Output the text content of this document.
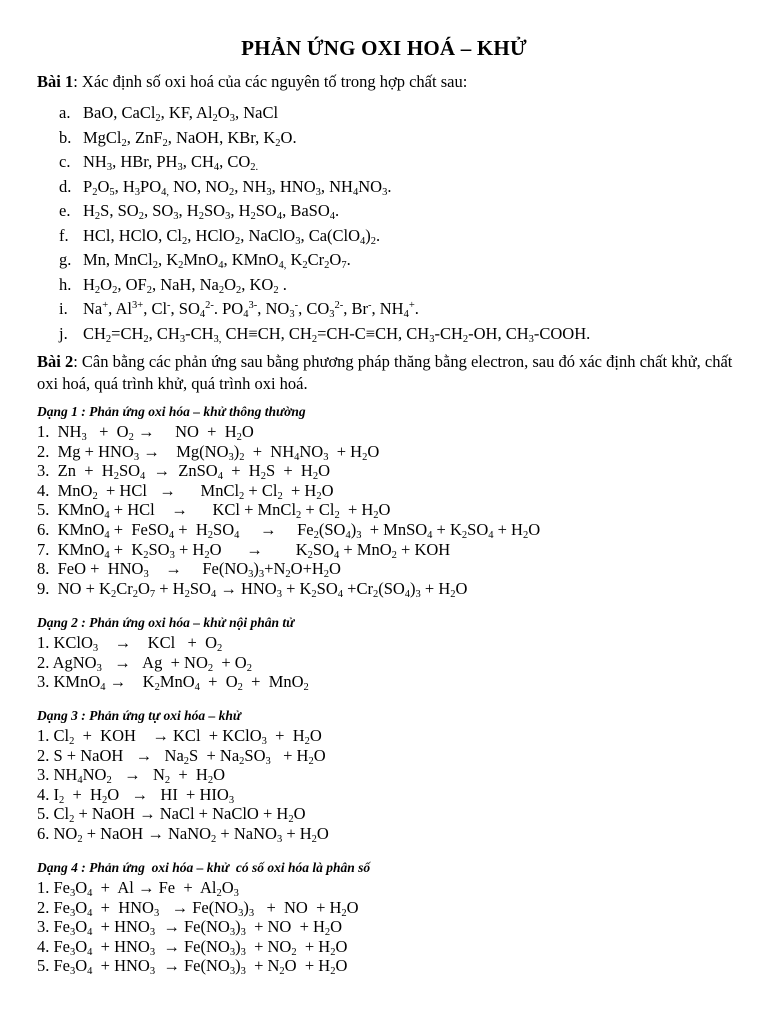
PHẢN ỨNG OXI HOÁ – KHỬ
Bài 1: Xác định số oxi hoá của các nguyên tố trong hợp chất sau:
a. BaO, CaCl$_2$, KF, $Al_2O_3$, NaCl
b. MgCl$_2$, ZnF$_2$, NaOH, KBr, $K_2O$.
c. $NH_3$, HBr, $PH_3$, $CH_4$, $CO_{2.}$
d. $P_2O_5$, $H_3PO_{4,}$ NO, $NO_2$, $NH_3$, $HNO_3$, $NH_4NO_3$.
e. $H_2S$, $SO_2$, $SO_3$, $H_2SO_3$, $H_2SO_4$, BaSO$_4$.
f. HCl, HClO, $Cl_2$, HClO$_2$, NaClO$_3$, $Ca(ClO_4)_2$.
g. Mn, MnCl$_2$, $K_2MnO_4$, KMnO$_{4,}$ $K_2Cr_2O_7$.
h. $H_2O_2$, $OF_2$, NaH, $Na_2O_2$, $KO_2$ .
i. Na+, $Al^{3+}$, Cl-, $SO_4^{2-}$. $PO_4^{3-}$, $NO_3^-$, $CO_3^{2-}$, Br-, $NH_4^+$.
j. $CH_2=CH_2$, $CH_3-CH_{3,}$ CH≡CH, $CH_2=CH-C\equiv CH$, $CH_3-CH_2-OH$, $CH_3$-COOH.
Bài 2: Cân bằng các phản ứng sau bằng phương pháp thăng bằng electron, sau đó xác định chất khử, chất oxi hoá, quá trình khử, quá trình oxi hoá.
Dạng 1 : Phản ứng oxi hóa – khử thông thường
1.  $NH_3 + O_2$ →     NO  +  $H_2O$
2.  $Mg + HNO_3$ →    $Mg(NO_3)_2 + NH_4NO_3 + H_2O$
3.  $Zn + H_2SO_4$  →  ZnSO$_4$  +  $H_2S + H_2O$
4.  MnO$_2$  + HCl   →      MnCl$_2$ + $Cl_2 + H_2O$
5.  KMnO$_4$ + HCl    →      KCl + MnCl$_2$ + $Cl_2 + H_2O$
6.  KMnO$_4$ +  FeSO$_4$ +  $H_2SO_4$     →     $Fe_2(SO_4)_3$  + MnSO$_4$ + $K_2SO_4 + H_2O$
7.  KMnO$_4$ +  $K_2SO_3 + H_2O$      →        $K_2SO_4 + MnO_2$ + KOH
8.  FeO +  $HNO_3$    →     $Fe(NO_3)_3+N_2O+H_2O$
9.  NO + $K_2Cr_2O_7 + H_2SO_4 \to HNO_3 + K_2SO_4 +Cr_2(SO_4)_3 + H_2O$
Dạng 2 : Phản ứng oxi hóa – khử nội phân tử
1. KClO$_3$    →    KCl   +  $O_2$
2. AgNO$_3$   →   $Ag + NO_2 + O_2$
3. KMnO$_4$ →    $K_2MnO_4 + O_2 + MnO_2$
Dạng 3 : Phản ứng tự oxi hóa – khử
1. $Cl_2$  +  KOH    → KCl  + KClO$_3$  +  $H_2O$
2. S + NaOH   →   $Na_2S + Na_2SO_3 + H_2O$
3. $NH_4NO_2 \to N_2 + H_2O$
4. $I_2 + H_2O$   →   HI  + $HIO_3$
5. $Cl_2$ + NaOH → NaCl + NaClO + $H_2O$
6. $NO_2$ + NaOH → NaNO$_2$ + NaNO$_3$ + $H_2O$
Dạng 4 : Phản ứng  oxi hóa – khử  có số oxi hóa là phân số
1. $Fe_3O_4 + Al \to Fe + Al_2O_3$
2. $Fe_3O_4 + HNO_3 \to Fe(NO_3)_3$   +  NO  + $H_2O$
3. $Fe_3O_4 + HNO_3 \to Fe(NO_3)_3$  + NO  + $H_2O$
4. $Fe_3O_4 + HNO_3 \to Fe(NO_3)_3 + NO_2 + H_2O$
5. $Fe_3O_4 + HNO_3 \to Fe(NO_3)_3 + N_2O + H_2O$
